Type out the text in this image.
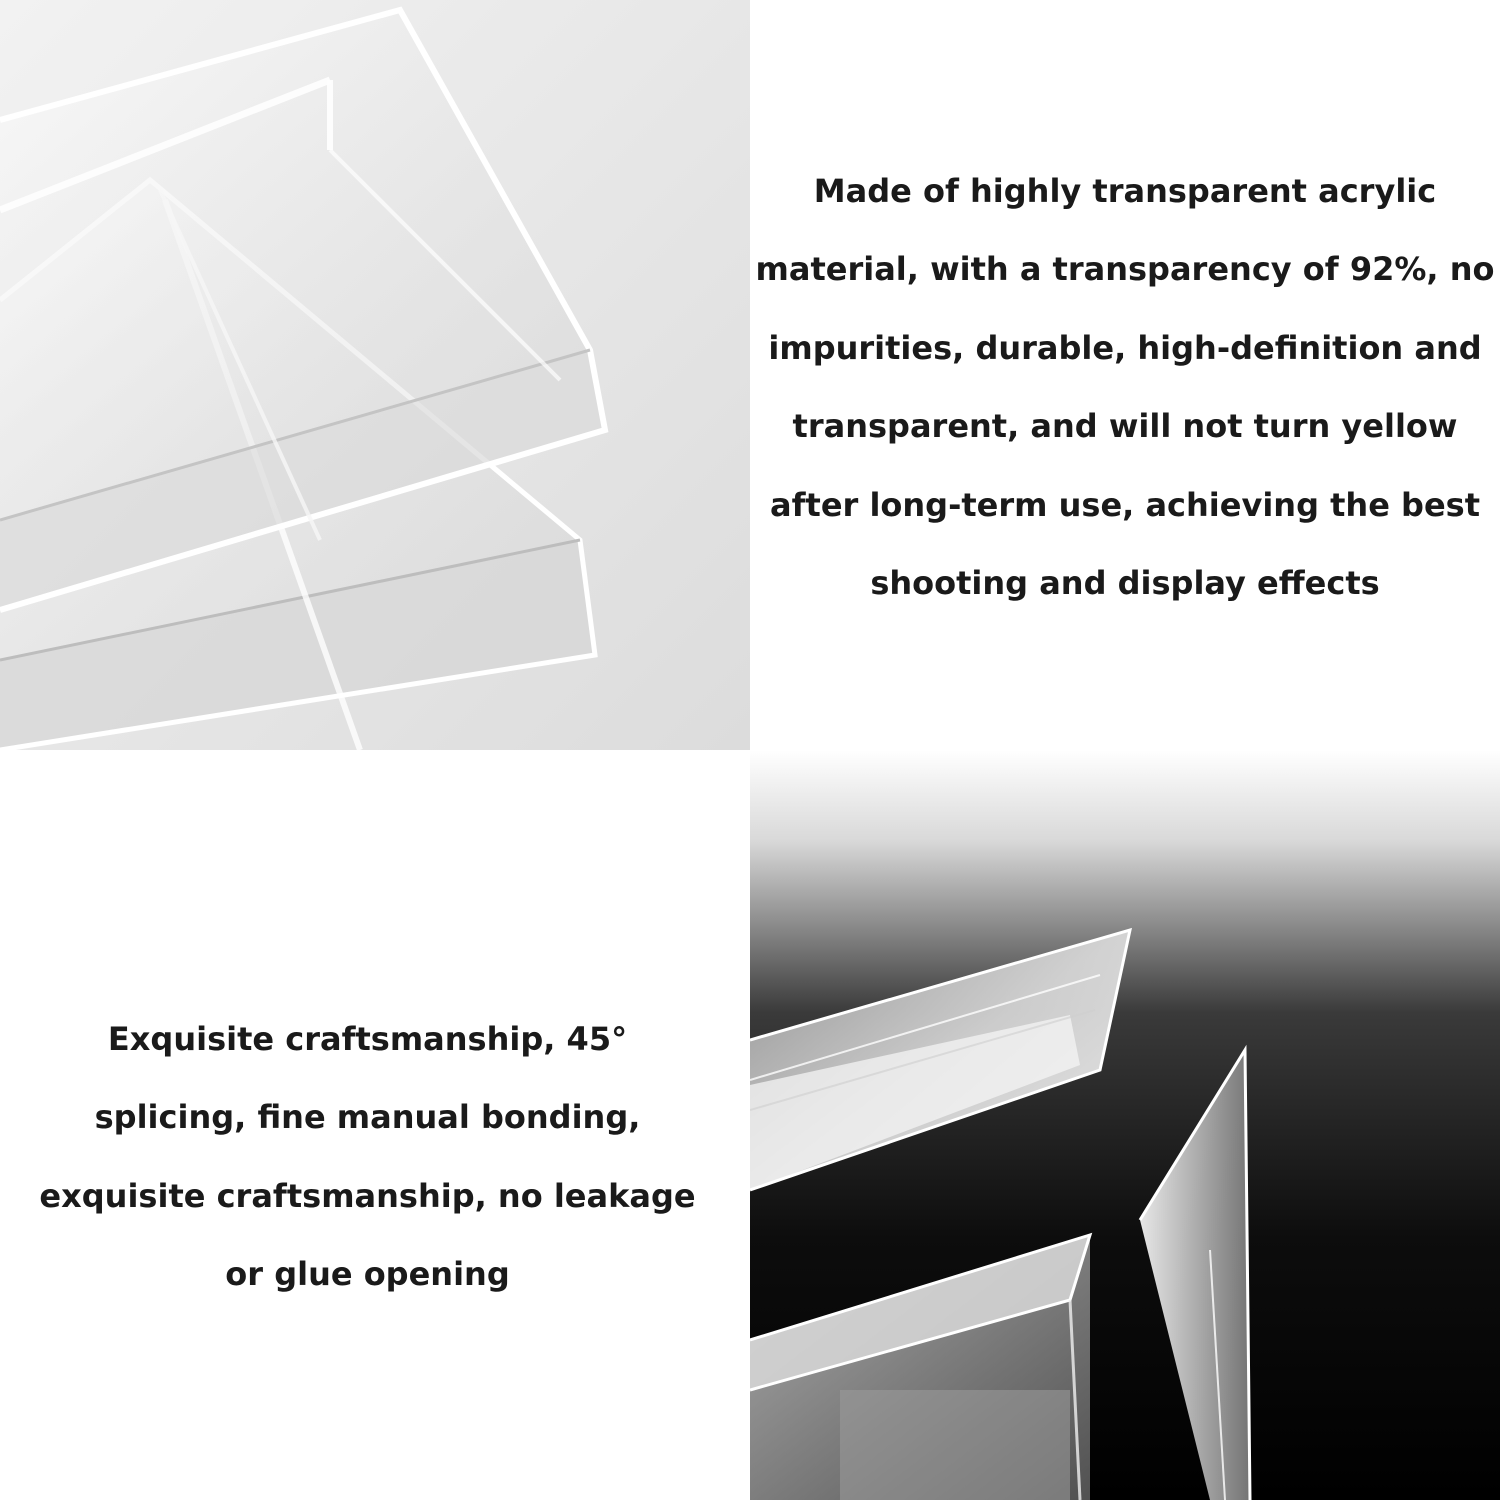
Made of highly transparent acrylic
material, with a transparency of 92%, no
impurities, durable, high-definition and
transparent, and will not turn yellow
after long-term use, achieving the best
shooting and display effects

Exquisite craftsmanship, 45°
splicing, fine manual bonding,
exquisite craftsmanship, no leakage
or glue opening
